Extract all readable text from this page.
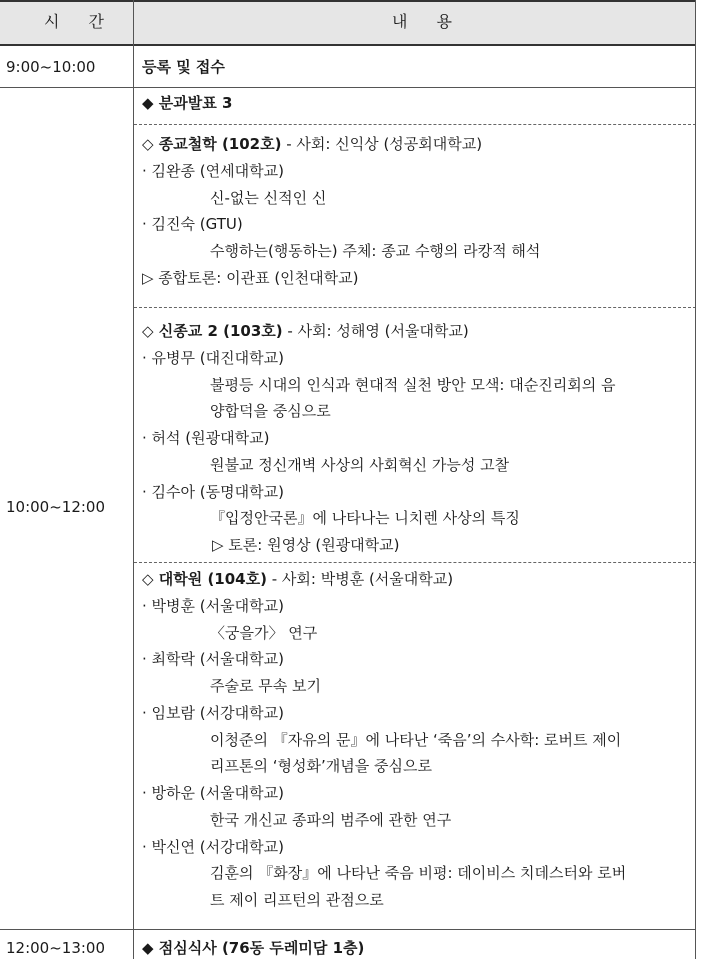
시 간	내 용
9:00~10:00	등록 및 접수
10:00~12:00
◆ 분과발표 3
◇ 종교철학 (102호) - 사회: 신익상 (성공회대학교)
· 김완종 (연세대학교)
신-없는 신적인 신
· 김진숙 (GTU)
수행하는(행동하는) 주체: 종교 수행의 라캉적 해석
▷ 종합토론: 이관표 (인천대학교)
◇ 신종교 2 (103호) - 사회: 성해영 (서울대학교)
· 유병무 (대진대학교)
불평등 시대의 인식과 현대적 실천 방안 모색: 대순진리회의 음
양합덕을 중심으로
· 허석 (원광대학교)
원불교 정신개벽 사상의 사회혁신 가능성 고찰
· 김수아 (동명대학교)
『입정안국론』에 나타나는 니치렌 사상의 특징
▷ 토론: 원영상 (원광대학교)
◇ 대학원 (104호) - 사회: 박병훈 (서울대학교)
· 박병훈 (서울대학교)
〈궁을가〉 연구
· 최학락 (서울대학교)
주술로 무속 보기
· 임보람 (서강대학교)
이청준의 『자유의 문』에 나타난 ‘죽음’의 수사학: 로버트 제이
리프톤의 ‘형성화’개념을 중심으로
· 방하운 (서울대학교)
한국 개신교 종파의 범주에 관한 연구
· 박신연 (서강대학교)
김훈의 『화장』에 나타난 죽음 비평: 데이비스 치데스터와 로버
트 제이 리프턴의 관점으로
12:00~13:00 ◆ 점심식사 (76동 두레미담 1층)
